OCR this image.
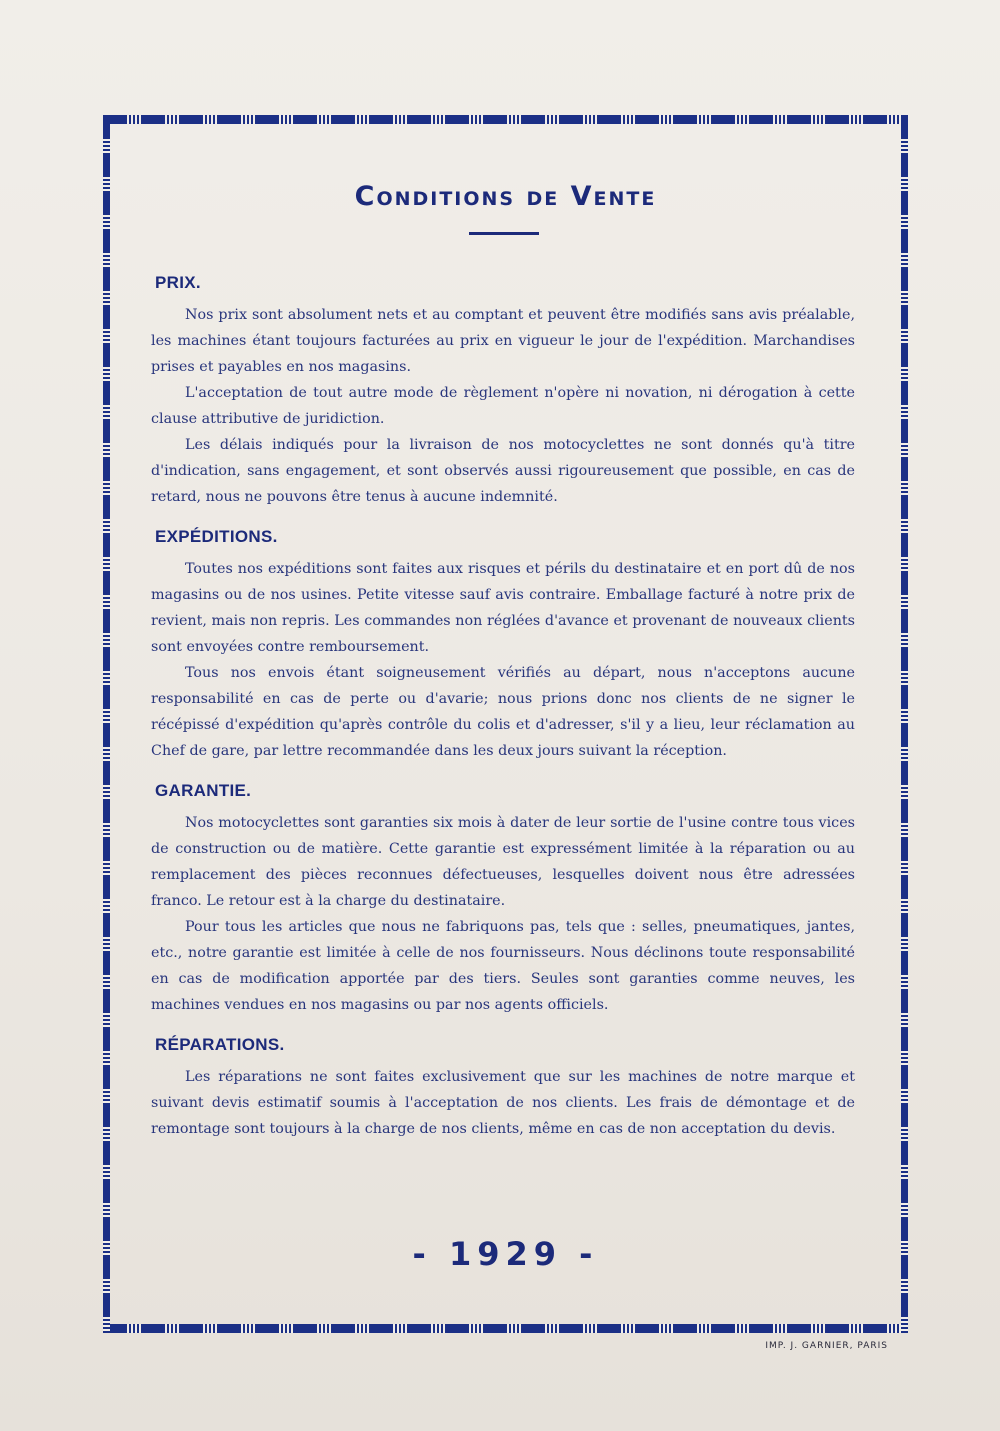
Conditions de Vente
PRIX.

Nos prix sont absolument nets et au comptant et peuvent être modifiés sans avis préalable, les machines étant toujours facturées au prix en vigueur le jour de l'expédition. Marchandises prises et payables en nos magasins.

L'acceptation de tout autre mode de règlement n'opère ni novation, ni dérogation à cette clause attributive de juridiction.

Les délais indiqués pour la livraison de nos motocyclettes ne sont donnés qu'à titre d'indication, sans engagement, et sont observés aussi rigoureusement que possible, en cas de retard, nous ne pouvons être tenus à aucune indemnité.

EXPÉDITIONS.

Toutes nos expéditions sont faites aux risques et périls du destinataire et en port dû de nos magasins ou de nos usines. Petite vitesse sauf avis contraire. Emballage facturé à notre prix de revient, mais non repris. Les commandes non réglées d'avance et provenant de nouveaux clients sont envoyées contre remboursement.

Tous nos envois étant soigneusement vérifiés au départ, nous n'acceptons aucune responsabilité en cas de perte ou d'avarie; nous prions donc nos clients de ne signer le récépissé d'expédition qu'après contrôle du colis et d'adresser, s'il y a lieu, leur réclamation au Chef de gare, par lettre recommandée dans les deux jours suivant la réception.

GARANTIE.

Nos motocyclettes sont garanties six mois à dater de leur sortie de l'usine contre tous vices de construction ou de matière. Cette garantie est expressément limitée à la réparation ou au remplacement des pièces reconnues défectueuses, lesquelles doivent nous être adressées franco. Le retour est à la charge du destinataire.

Pour tous les articles que nous ne fabriquons pas, tels que : selles, pneumatiques, jantes, etc., notre garantie est limitée à celle de nos fournisseurs. Nous déclinons toute responsabilité en cas de modification apportée par des tiers. Seules sont garanties comme neuves, les machines vendues en nos magasins ou par nos agents officiels.

RÉPARATIONS.

Les réparations ne sont faites exclusivement que sur les machines de notre marque et suivant devis estimatif soumis à l'acceptation de nos clients. Les frais de démontage et de remontage sont toujours à la charge de nos clients, même en cas de non acceptation du devis.

- 1929 -
IMP. J. GARNIER, PARIS
